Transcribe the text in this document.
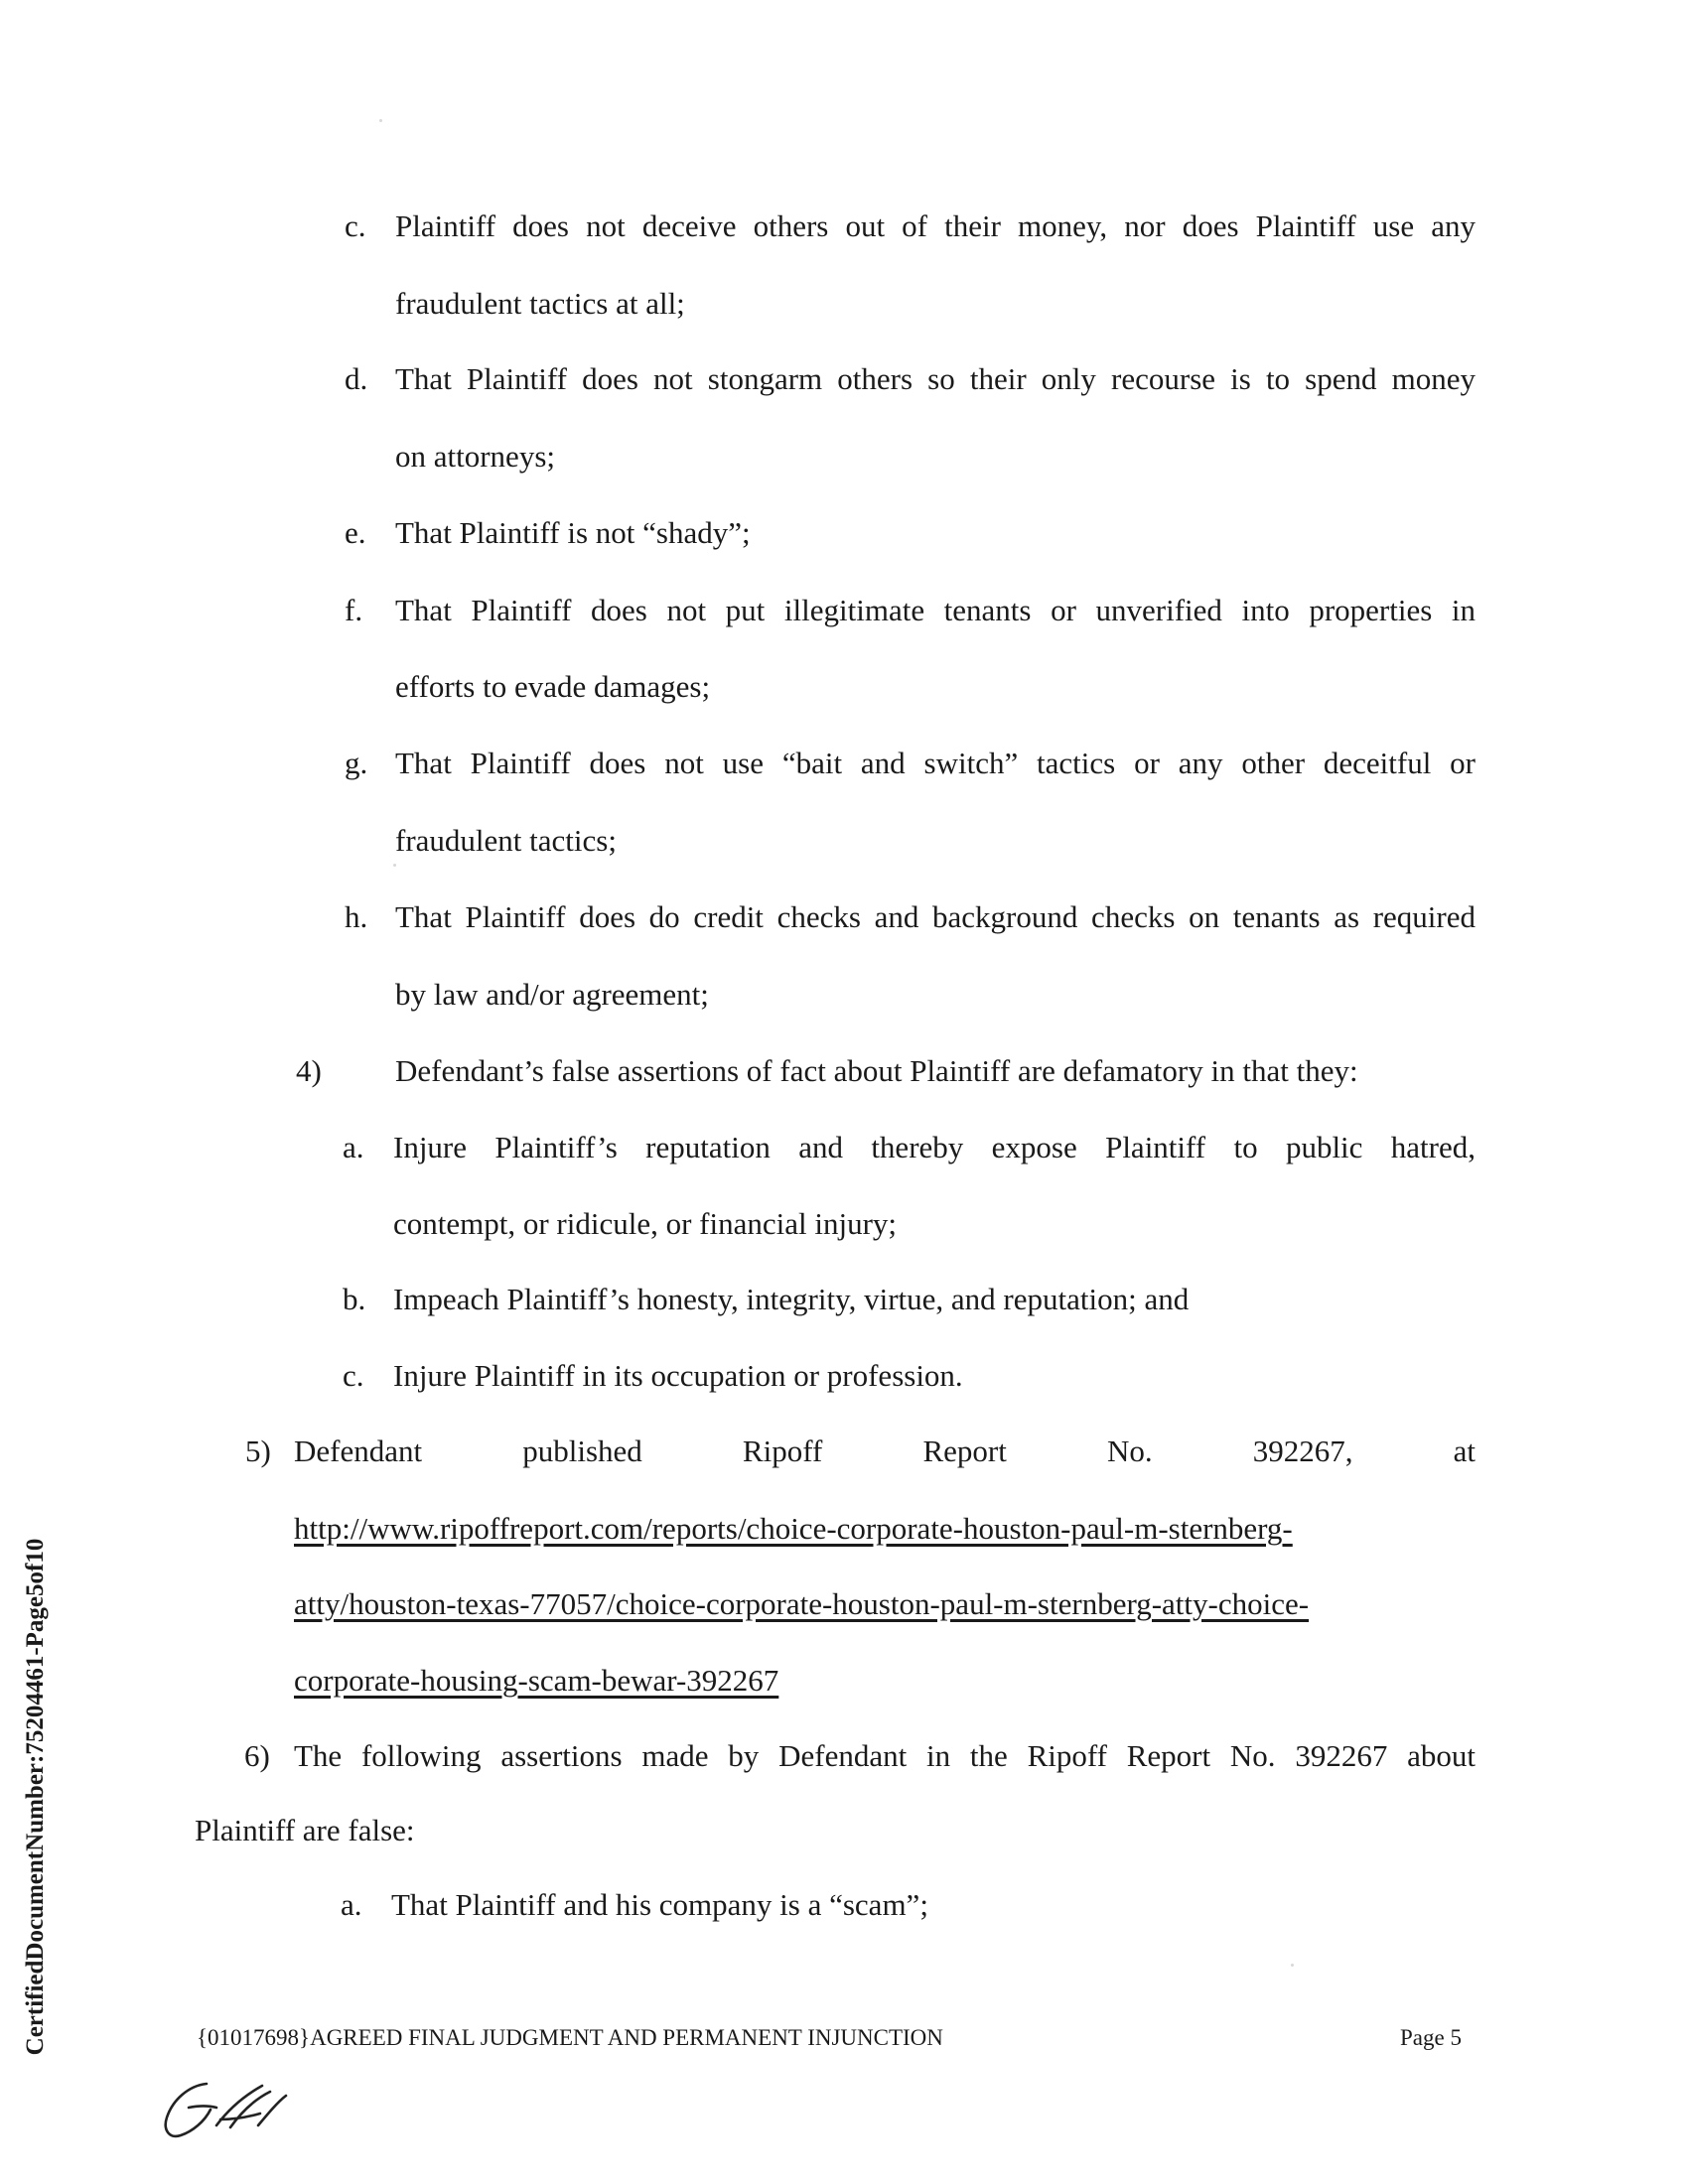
c. Plaintiff does not deceive others out of their money, nor does Plaintiff use any
fraudulent tactics at all;
d. That Plaintiff does not stongarm others so their only recourse is to spend money
on attorneys;
e. That Plaintiff is not “shady”;
f. That Plaintiff does not put illegitimate tenants or unverified into properties in
efforts to evade damages;
g. That Plaintiff does not use “bait and switch” tactics or any other deceitful or
fraudulent tactics;
h. That Plaintiff does do credit checks and background checks on tenants as required
by law and/or agreement;
4) Defendant’s false assertions of fact about Plaintiff are defamatory in that they:
a. Injure Plaintiff’s reputation and thereby expose Plaintiff to public hatred,
contempt, or ridicule, or financial injury;
b. Impeach Plaintiff’s honesty, integrity, virtue, and reputation; and
c. Injure Plaintiff in its occupation or profession.
5) Defendant published Ripoff Report No. 392267, at
http://www.ripoffreport.com/reports/choice-corporate-houston-paul-m-sternberg-
atty/houston-texas-77057/choice-corporate-houston-paul-m-sternberg-atty-choice-
corporate-housing-scam-bewar-392267
6) The following assertions made by Defendant in the Ripoff Report No. 392267 about
Plaintiff are false:
a. That Plaintiff and his company is a “scam”;
{01017698}AGREED FINAL JUDGMENT AND PERMANENT INJUNCTION	Page 5
CertifiedDocumentNumber:75204461-Page5of10
